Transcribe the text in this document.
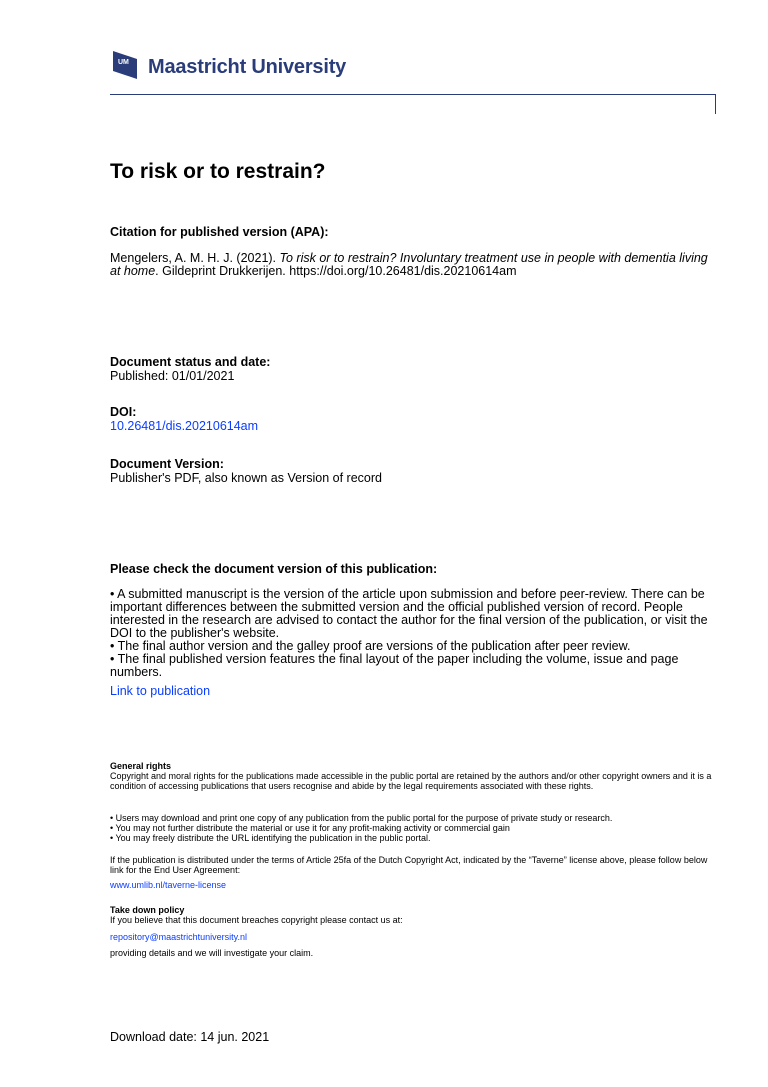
UM Maastricht University
To risk or to restrain?
Citation for published version (APA):
Mengelers, A. M. H. J. (2021). To risk or to restrain? Involuntary treatment use in people with dementia living at home. Gildeprint Drukkerijen. https://doi.org/10.26481/dis.20210614am
Document status and date:
Published: 01/01/2021
DOI:
10.26481/dis.20210614am
Document Version:
Publisher's PDF, also known as Version of record
Please check the document version of this publication:

• A submitted manuscript is the version of the article upon submission and before peer-review. There can be important differences between the submitted version and the official published version of record. People interested in the research are advised to contact the author for the final version of the publication, or visit the DOI to the publisher's website.

• The final author version and the galley proof are versions of the publication after peer review.

• The final published version features the final layout of the paper including the volume, issue and page numbers.

Link to publication
General rights
Copyright and moral rights for the publications made accessible in the public portal are retained by the authors and/or other copyright owners and it is a condition of accessing publications that users recognise and abide by the legal requirements associated with these rights.

• Users may download and print one copy of any publication from the public portal for the purpose of private study or research.

• You may not further distribute the material or use it for any profit-making activity or commercial gain

• You may freely distribute the URL identifying the publication in the public portal.

If the publication is distributed under the terms of Article 25fa of the Dutch Copyright Act, indicated by the “Taverne” license above, please follow below link for the End User Agreement:
www.umlib.nl/taverne-license
Take down policy
If you believe that this document breaches copyright please contact us at:
repository@maastrichtuniversity.nl
providing details and we will investigate your claim.
Download date: 14 jun. 2021
